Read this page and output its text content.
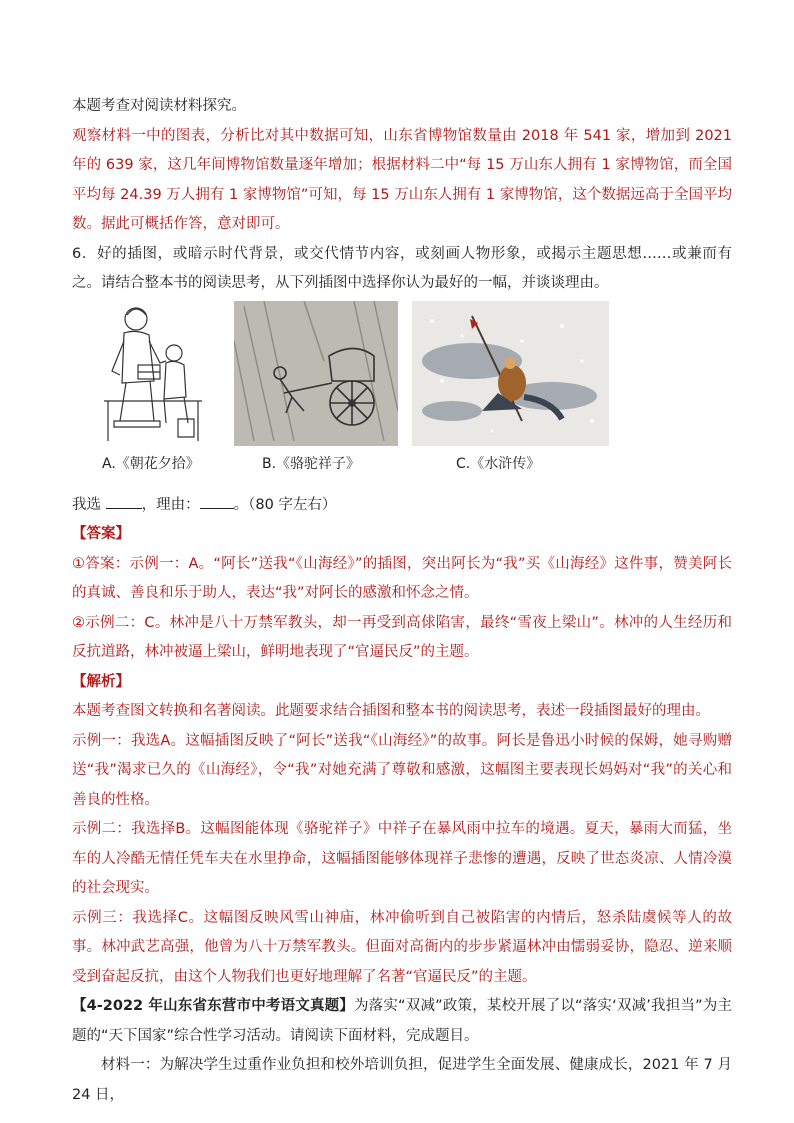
本题考查对阅读材料探究。

观察材料一中的图表，分析比对其中数据可知，山东省博物馆数量由 2018 年 541 家，增加到 2021 年的 639 家，这几年间博物馆数量逐年增加；根据材料二中“每 15 万山东人拥有 1 家博物馆，而全国平均每 24.39 万人拥有 1 家博物馆”可知，每 15 万山东人拥有 1 家博物馆，这个数据远高于全国平均数。据此可概括作答，意对即可。

6．好的插图，或暗示时代背景，或交代情节内容，或刻画人物形象，或揭示主题思想……或兼而有之。请结合整本书的阅读思考，从下列插图中选择你认为最好的一幅，并谈谈理由。

A.《朝花夕拾》	B.《骆驼祥子》	C.《水浒传》

我选 ，理由： 。（80 字左右）

【答案】

①答案：示例一：A。“阿长”送我“《山海经》”的插图，突出阿长为“我”买《山海经》这件事，赞美阿长的真诚、善良和乐于助人，表达“我”对阿长的感激和怀念之情。

②示例二：C。林冲是八十万禁军教头，却一再受到高俅陷害，最终“雪夜上梁山”。林冲的人生经历和反抗道路，林冲被逼上梁山，鲜明地表现了“官逼民反”的主题。

【解析】

本题考查图文转换和名著阅读。此题要求结合插图和整本书的阅读思考，表述一段插图最好的理由。

示例一：我选A。这幅插图反映了“阿长”送我“《山海经》”的故事。阿长是鲁迅小时候的保姆，她寻购赠送“我”渴求已久的《山海经》，令“我”对她充满了尊敬和感激，这幅图主要表现长妈妈对“我”的关心和善良的性格。

示例二：我选择B。这幅图能体现《骆驼祥子》中祥子在暴风雨中拉车的境遇。夏天，暴雨大而猛，坐车的人冷酷无情任凭车夫在水里挣命，这幅插图能够体现祥子悲惨的遭遇，反映了世态炎凉、人情冷漠的社会现实。

示例三：我选择C。这幅图反映风雪山神庙，林冲偷听到自己被陷害的内情后，怒杀陆虞候等人的故事。林冲武艺高强，他曾为八十万禁军教头。但面对高衙内的步步紧逼林冲由懦弱妥协，隐忍、逆来顺受到奋起反抗，由这个人物我们也更好地理解了名著“官逼民反”的主题。

【4-2022 年山东省东营市中考语文真题】为落实“双减”政策，某校开展了以“落实‘双减’我担当”为主题的“天下国家”综合性学习活动。请阅读下面材料，完成题目。

材料一：为解决学生过重作业负担和校外培训负担，促进学生全面发展、健康成长，2021 年 7 月 24 日，
